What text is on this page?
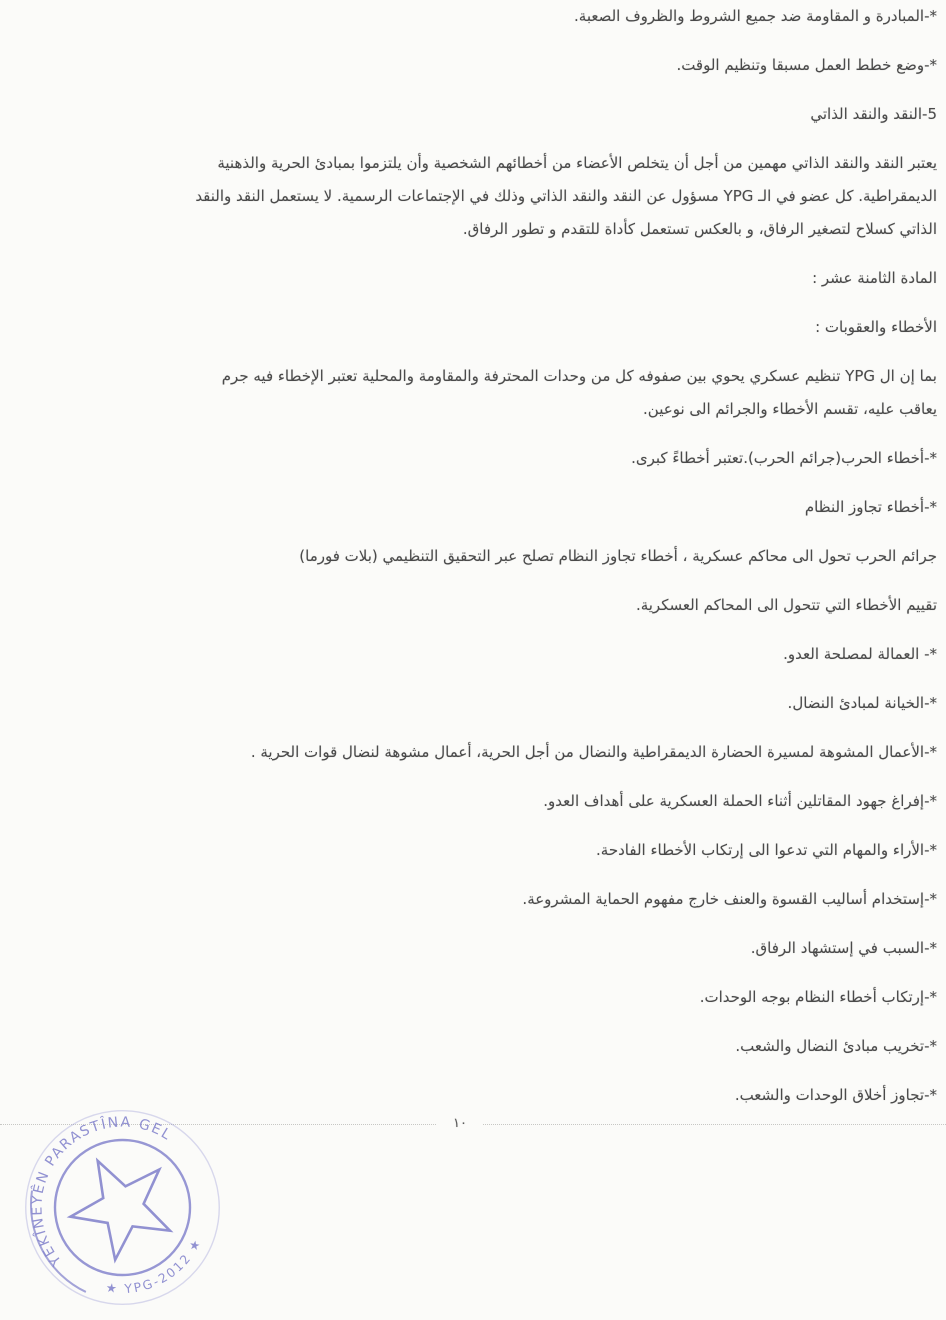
*-المبادرة و المقاومة ضد جميع الشروط والظروف الصعبة.
*-وضع خطط العمل مسبقا وتنظيم الوقت.
5-النقد والنقد الذاتي
يعتبر النقد والنقد الذاتي مهمين من أجل أن يتخلص الأعضاء من أخطائهم الشخصية وأن يلتزموا بمبادئ الحرية والذهنية
الديمقراطية. كل عضو في الـ YPG مسؤول عن النقد والنقد الذاتي وذلك في الإجتماعات الرسمية. لا يستعمل النقد والنقد
الذاتي كسلاح لتصغير الرفاق، و بالعكس تستعمل كأداة للتقدم و تطور الرفاق.
المادة الثامنة عشر :
الأخطاء والعقوبات :
بما إن ال YPG تنظيم عسكري يحوي بين صفوفه كل من وحدات المحترفة والمقاومة والمحلية تعتبر الإخطاء فيه جرم
يعاقب عليه، تقسم الأخطاء والجرائم الى نوعين.
*-أخطاء الحرب(جرائم الحرب).تعتبر أخطاءً كبرى.
*-أخطاء تجاوز النظام
جرائم الحرب تحول الى محاكم عسكرية ، أخطاء تجاوز النظام تصلح عبر التحقيق التنظيمي (بلات فورما)
تقييم الأخطاء التي تتحول الى المحاكم العسكرية.
*- العمالة لمصلحة العدو.
*-الخيانة لمبادئ النضال.
*-الأعمال المشوهة لمسيرة الحضارة الديمقراطية والنضال من أجل الحرية، أعمال مشوهة لنضال قوات الحرية .
*-إفراغ جهود المقاتلين أثناء الحملة العسكرية على أهداف العدو.
*-الأراء والمهام التي تدعوا الى إرتكاب الأخطاء الفادحة.
*-إستخدام أساليب القسوة والعنف خارج مفهوم الحماية المشروعة.
*-السبب في إستشهاد الرفاق.
*-إرتكاب أخطاء النظام بوجه الوحدات.
*-تخريب مبادئ النضال والشعب.
*-تجاوز أخلاق الوحدات والشعب.
١٠
YEKÎNEYÊN PARASTÎNA GEL
★ YPG-2012 ★
